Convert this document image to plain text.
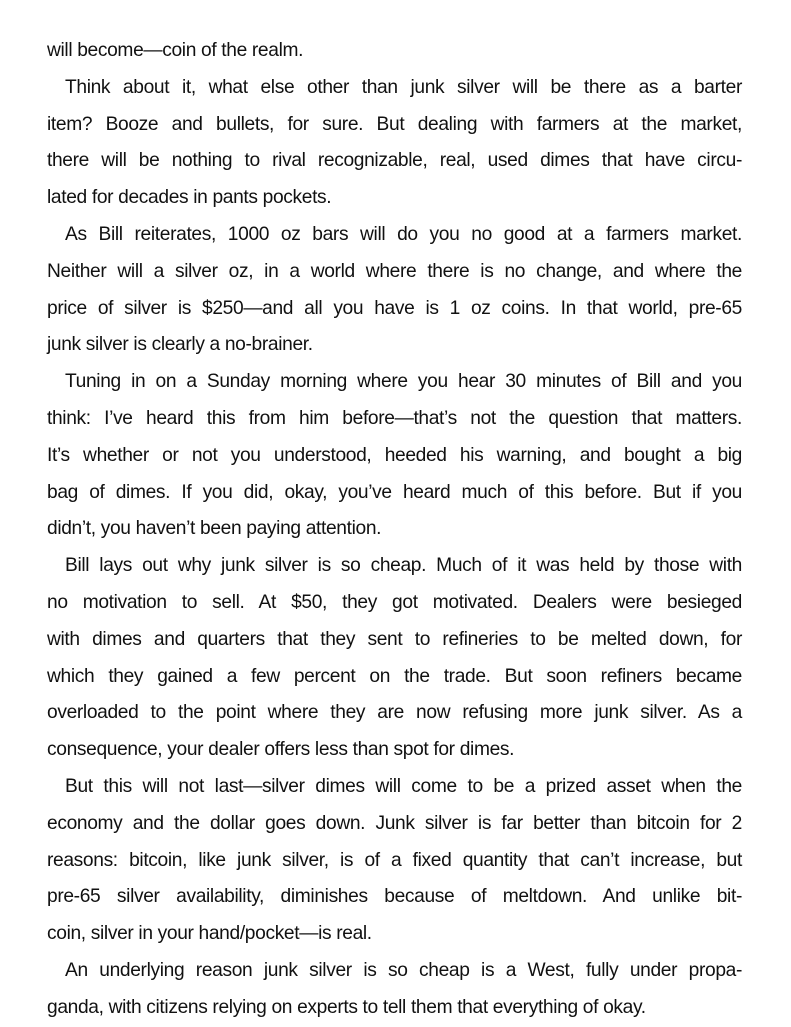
will become—coin of the realm.
Think about it, what else other than junk silver will be there as a barter
item? Booze and bullets, for sure. But dealing with farmers at the market,
there will be nothing to rival recognizable, real, used dimes that have circu-
lated for decades in pants pockets.
As Bill reiterates, 1000 oz bars will do you no good at a farmers market.
Neither will a silver oz, in a world where there is no change, and where the
price of silver is $250—and all you have is 1 oz coins. In that world, pre-65
junk silver is clearly a no-brainer.
Tuning in on a Sunday morning where you hear 30 minutes of Bill and you
think: I’ve heard this from him before—that’s not the question that matters.
It’s whether or not you understood, heeded his warning, and bought a big
bag of dimes. If you did, okay, you’ve heard much of this before. But if you
didn’t, you haven’t been paying attention.
Bill lays out why junk silver is so cheap. Much of it was held by those with
no motivation to sell. At $50, they got motivated. Dealers were besieged
with dimes and quarters that they sent to refineries to be melted down, for
which they gained a few percent on the trade. But soon refiners became
overloaded to the point where they are now refusing more junk silver. As a
consequence, your dealer offers less than spot for dimes.
But this will not last—silver dimes will come to be a prized asset when the
economy and the dollar goes down. Junk silver is far better than bitcoin for 2
reasons: bitcoin, like junk silver, is of a fixed quantity that can’t increase, but
pre-65 silver availability, diminishes because of meltdown. And unlike bit-
coin, silver in your hand/pocket—is real.
An underlying reason junk silver is so cheap is a West, fully under propa-
ganda, with citizens relying on experts to tell them that everything of okay.
